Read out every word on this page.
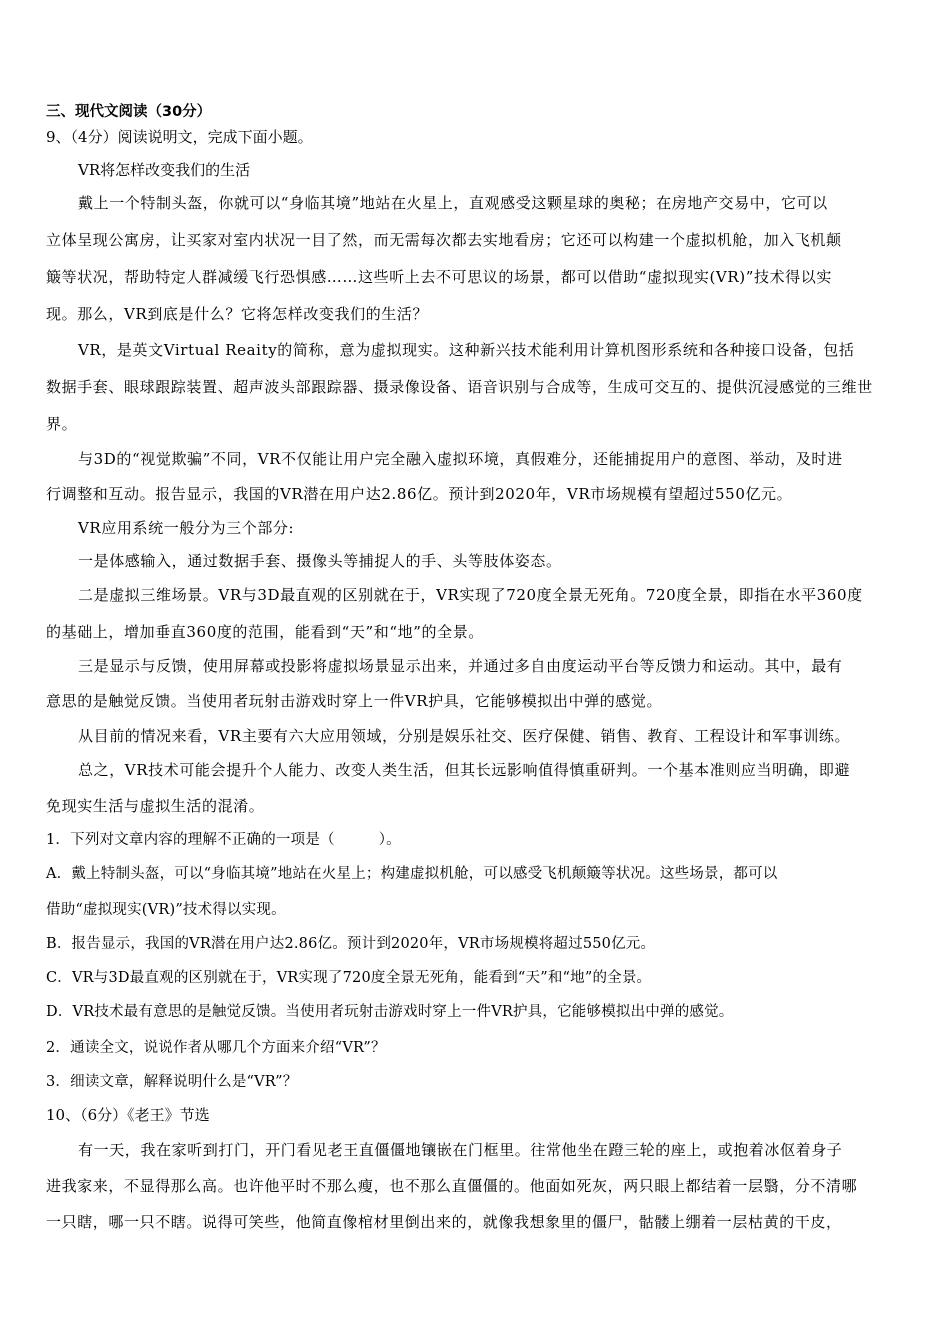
三、现代文阅读（30分）
9、（4分）阅读说明文，完成下面小题。
VR将怎样改变我们的生活
戴上一个特制头盔，你就可以“身临其境”地站在火星上，直观感受这颗星球的奥秘；在房地产交易中，它可以
立体呈现公寓房，让买家对室内状况一目了然，而无需每次都去实地看房；它还可以构建一个虚拟机舱，加入飞机颠
簸等状况，帮助特定人群减缓飞行恐惧感……这些听上去不可思议的场景，都可以借助“虚拟现实(VR)”技术得以实
现。那么，VR到底是什么？它将怎样改变我们的生活？
VR，是英文Virtual Reaity的简称，意为虚拟现实。这种新兴技术能利用计算机图形系统和各种接口设备，包括
数据手套、眼球跟踪装置、超声波头部跟踪器、摄录像设备、语音识别与合成等，生成可交互的、提供沉浸感觉的三维世
界。
与3D的“视觉欺骗”不同，VR不仅能让用户完全融入虚拟环境，真假难分，还能捕捉用户的意图、举动，及时进
行调整和互动。报告显示，我国的VR潜在用户达2.86亿。预计到2020年，VR市场规模有望超过550亿元。
VR应用系统一般分为三个部分:
一是体感输入，通过数据手套、摄像头等捕捉人的手、头等肢体姿态。
二是虚拟三维场景。VR与3D最直观的区别就在于，VR实现了720度全景无死角。720度全景，即指在水平360度
的基础上，增加垂直360度的范围，能看到“天”和“地”的全景。
三是显示与反馈，使用屏幕或投影将虚拟场景显示出来，并通过多自由度运动平台等反馈力和运动。其中，最有
意思的是触觉反馈。当使用者玩射击游戏时穿上一件VR护具，它能够模拟出中弹的感觉。
从目前的情况来看，VR主要有六大应用领域，分别是娱乐社交、医疗保健、销售、教育、工程设计和军事训练。
总之，VR技术可能会提升个人能力、改变人类生活，但其长远影响值得慎重研判。一个基本准则应当明确，即避
免现实生活与虚拟生活的混淆。
1．下列对文章内容的理解不正确的一项是（	）。
A．戴上特制头盔，可以“身临其境”地站在火星上；构建虚拟机舱，可以感受飞机颠簸等状况。这些场景，都可以
借助“虚拟现实(VR)”技术得以实现。
B．报告显示，我国的VR潜在用户达2.86亿。预计到2020年，VR市场规模将超过550亿元。
C．VR与3D最直观的区别就在于，VR实现了720度全景无死角，能看到“天”和“地”的全景。
D．VR技术最有意思的是触觉反馈。当使用者玩射击游戏时穿上一件VR护具，它能够模拟出中弹的感觉。
2．通读全文，说说作者从哪几个方面来介绍“VR”？
3．细读文章，解释说明什么是“VR”？
10、（6分）《老王》节选
有一天，我在家听到打门，开门看见老王直僵僵地镶嵌在门框里。往常他坐在蹬三轮的座上，或抱着冰伛着身子
进我家来，不显得那么高。也许他平时不那么瘦，也不那么直僵僵的。他面如死灰，两只眼上都结着一层翳，分不清哪
一只瞎，哪一只不瞎。说得可笑些，他简直像棺材里倒出来的，就像我想象里的僵尸，骷髅上绷着一层枯黄的干皮，
